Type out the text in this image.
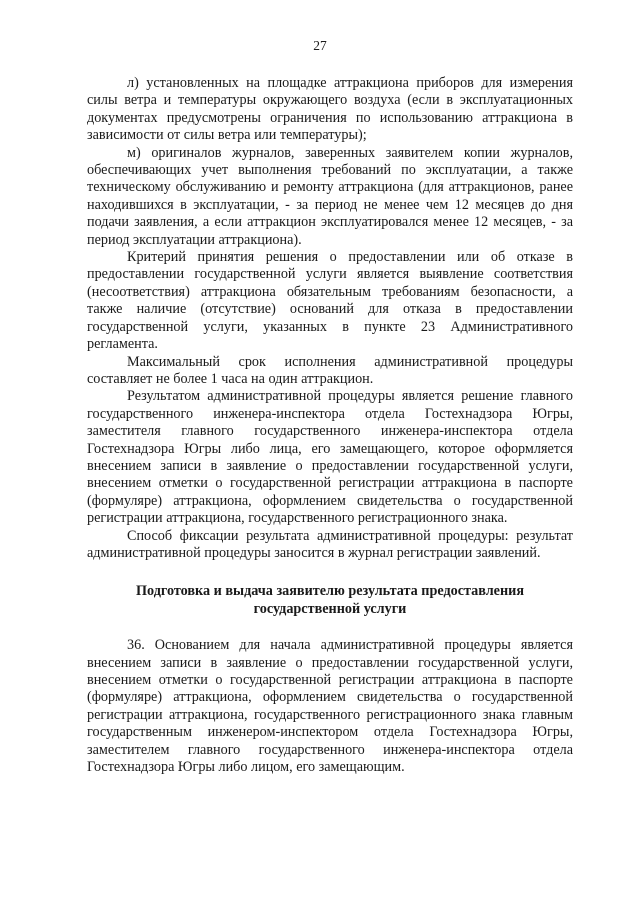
27

л) установленных на площадке аттракциона приборов для измерения силы ветра и температуры окружающего воздуха (если в эксплуатационных документах предусмотрены ограничения по использованию аттракциона в зависимости от силы ветра или температуры);

м) оригиналов журналов, заверенных заявителем копии журналов, обеспечивающих учет выполнения требований по эксплуатации, а также техническому обслуживанию и ремонту аттракциона (для аттракционов, ранее находившихся в эксплуатации, - за период не менее чем 12 месяцев до дня подачи заявления, а если аттракцион эксплуатировался менее 12 месяцев, - за период эксплуатации аттракциона).

Критерий принятия решения о предоставлении или об отказе в предоставлении государственной услуги является выявление соответствия (несоответствия) аттракциона обязательным требованиям безопасности, а также наличие (отсутствие) оснований для отказа в предоставлении государственной услуги, указанных в пункте 23 Административного регламента.

Максимальный срок исполнения административной процедуры составляет не более 1 часа на один аттракцион.

Результатом административной процедуры является решение главного государственного инженера-инспектора отдела Гостехнадзора Югры, заместителя главного государственного инженера-инспектора отдела Гостехнадзора Югры либо лица, его замещающего, которое оформляется внесением записи в заявление о предоставлении государственной услуги, внесением отметки о государственной регистрации аттракциона в паспорте (формуляре) аттракциона, оформлением свидетельства о государственной регистрации аттракциона, государственного регистрационного знака.

Способ фиксации результата административной процедуры: результат административной процедуры заносится в журнал регистрации заявлений.

Подготовка и выдача заявителю результата предоставления
государственной услуги

36. Основанием для начала административной процедуры является внесением записи в заявление о предоставлении государственной услуги, внесением отметки о государственной регистрации аттракциона в паспорте (формуляре) аттракциона, оформлением свидетельства о государственной регистрации аттракциона, государственного регистрационного знака главным государственным инженером-инспектором отдела Гостехнадзора Югры, заместителем главного государственного инженера-инспектора отдела Гостехнадзора Югры либо лицом, его замещающим.
